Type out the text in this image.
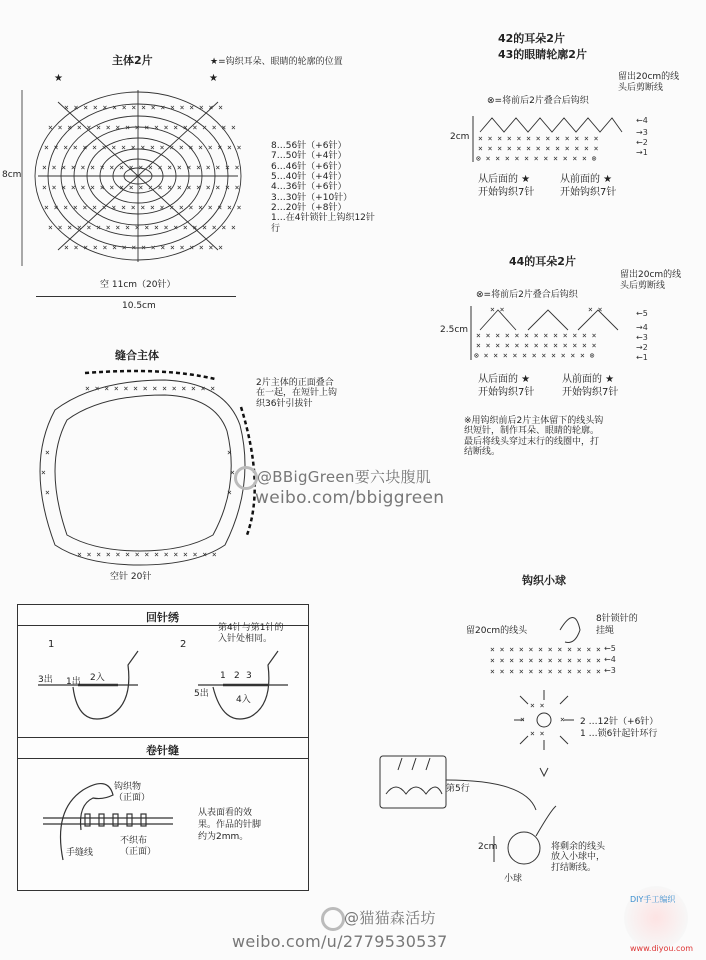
主体2片	★=钩织耳朵、眼睛的轮廓的位置
★	★
× × × × × × × × × × × × × × × × × × × ×
× × × × × × × × × × × × × × × × × × × × ×
× × × × × × × × × × × × × × × × × × × × ×
× × × × × × × × × × × × × × × × × × × × ×
× × × × × × × × × × × × × × × × × × × × ×
× × × × × × × × × × × × × × × × × × × ×
× × × × × × × × × × × × × × × × ×
× × × × × × × × × × × × × × × × ×
8cm
空 11cm（20针）
10.5cm
8…56针（+6针）
7…50针（+4针）
6…46针（+6针）
5…40针（+4针）
4…36针（+6针）
3…30针（+10针）
2…20针（+8针）
1…在4针锁针上钩织12针
行
缝合主体
× × × × × × × × × × × × × ×
× × × × × × × × × × × × × × ×
×
×
×
×
×
×
2片主体的正面叠合
在一起，在短针上钩
织36针引拔针
空针 20针
42的耳朵2片
43的眼睛轮廓2片
留出20cm的线
头后剪断线
⊗=将前后2片叠合后钩织
2cm × × × × × × × × × × × × ×
× × × × × × × × × × × × ×
⊗ × × × × × × × × × × × ⊗
←4
→3
←2
→1
从后面的 ★
开始钩织7针
从前面的 ★
开始钩织7针
44的耳朵2片
留出20cm的线
头后剪断线
⊗=将前后2片叠合后钩织
2.5cm
× ×	× ×
× × × × × × × × × × × × ×
× × × × × × × × × × × × ×
⊗ × × × × × × × × × × × ⊗
←5
→4
←3
→2
←1
从后面的 ★
开始钩织7针
从前面的 ★
开始钩织7针
※用钩织前后2片主体留下的线头钩
织短针，制作耳朵、眼睛的轮廓。
最后将线头穿过末行的线圈中，打
结断线。
@BBigGreen要六块腹肌
weibo.com/bbiggreen
回针绣
1	2
第4针与第1针的
入针处相同。
3出 1出 2入
5出
1 2 3
4入
卷针缝
钩织物
（正面）
手缝线
不织布
（正面）
从表面看的效
果。作品的针脚
约为2mm。
钩织小球
8针锁针的
挂绳
留20cm的线头
× × × × × × × × × × × ×
× × × × × × × × × × × ×
× × × × × × × × × × × ×
× ×
× ×
×	×
←5
←4
←3
2 …12针（+6针）
1 …锁6针起针环行
第5行
2cm
小球
将剩余的线头
放入小球中，
打结断线。
@猫猫森活坊
weibo.com/u/2779530537
DIY手工编织
www.diyou.com
